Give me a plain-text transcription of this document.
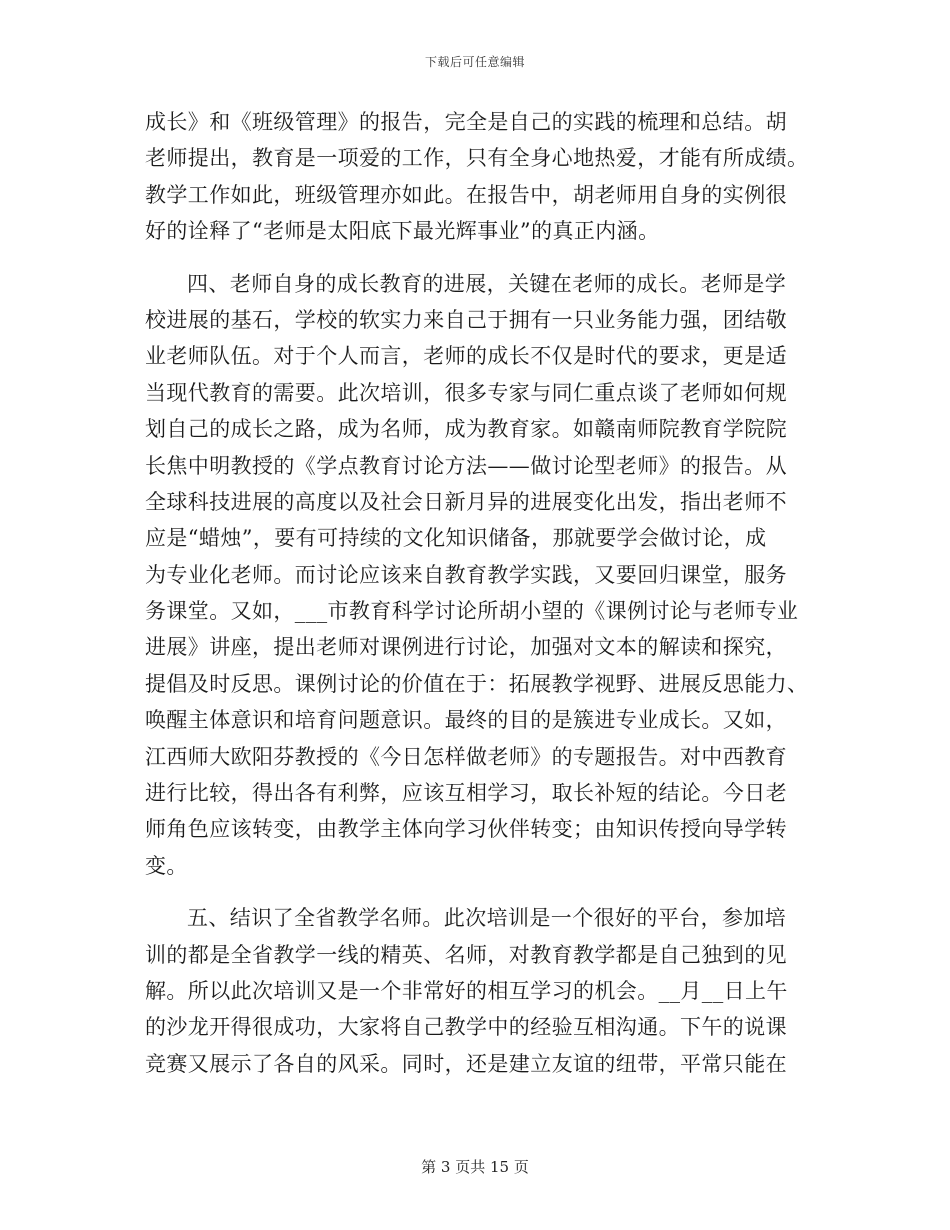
下载后可任意编辑
成长》和《班级管理》的报告，完全是自己的实践的梳理和总结。胡
老师提出，教育是一项爱的工作，只有全身心地热爱，才能有所成绩。
教学工作如此，班级管理亦如此。在报告中，胡老师用自身的实例很
好的诠释了“老师是太阳底下最光辉事业”的真正内涵。
四、老师自身的成长教育的进展，关键在老师的成长。老师是学
校进展的基石，学校的软实力来自己于拥有一只业务能力强，团结敬
业老师队伍。对于个人而言，老师的成长不仅是时代的要求，更是适
当现代教育的需要。此次培训，很多专家与同仁重点谈了老师如何规
划自己的成长之路，成为名师，成为教育家。如赣南师院教育学院院
长焦中明教授的《学点教育讨论方法——做讨论型老师》的报告。从
全球科技进展的高度以及社会日新月异的进展变化出发，指出老师不
应是“蜡烛”，要有可持续的文化知识储备，那就要学会做讨论，成
为专业化老师。而讨论应该来自教育教学实践，又要回归课堂，服务
务课堂。又如，___市教育科学讨论所胡小望的《课例讨论与老师专业
进展》讲座，提出老师对课例进行讨论，加强对文本的解读和探究，
提倡及时反思。课例讨论的价值在于：拓展教学视野、进展反思能力、
唤醒主体意识和培育问题意识。最终的目的是簇进专业成长。又如，
江西师大欧阳芬教授的《今日怎样做老师》的专题报告。对中西教育
进行比较，得出各有利弊，应该互相学习，取长补短的结论。今日老
师角色应该转变，由教学主体向学习伙伴转变；由知识传授向导学转
变。
五、结识了全省教学名师。此次培训是一个很好的平台，参加培
训的都是全省教学一线的精英、名师，对教育教学都是自己独到的见
解。所以此次培训又是一个非常好的相互学习的机会。__月__日上午
的沙龙开得很成功，大家将自己教学中的经验互相沟通。下午的说课
竞赛又展示了各自的风采。同时，还是建立友谊的纽带，平常只能在
第 3 页共 15 页
